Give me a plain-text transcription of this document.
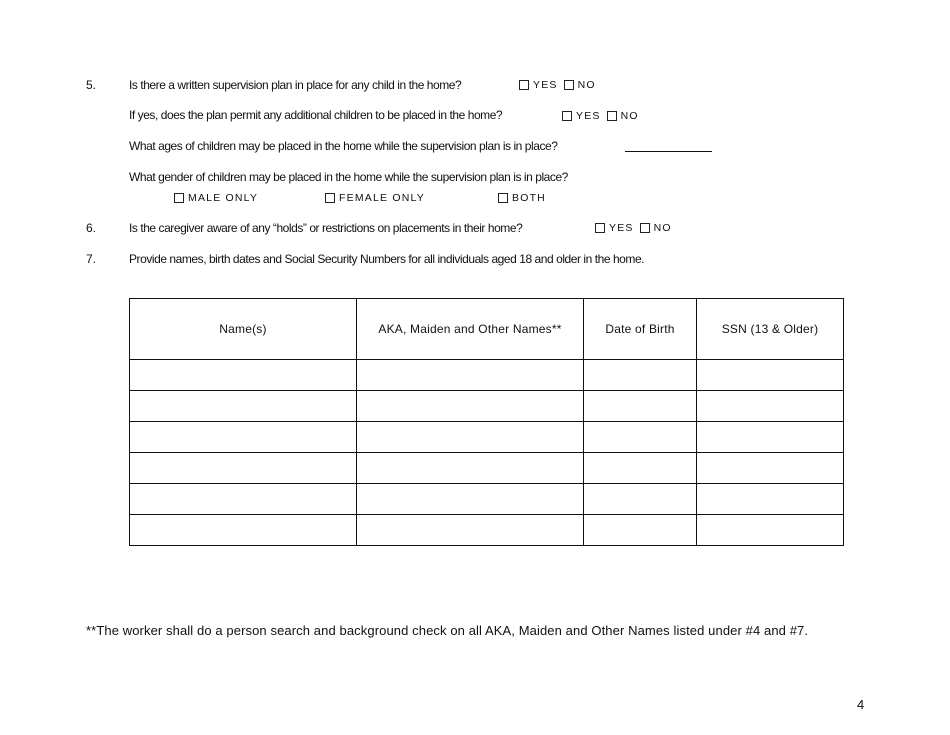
5.	Is there a written supervision plan in place for any child in the home?	YES NO
If yes, does the plan permit any additional children to be placed in the home?	YES NO
What ages of children may be placed in the home while the supervision plan is in place?
What gender of children may be placed in the home while the supervision plan is in place?
MALE ONLY	FEMALE ONLY	BOTH
6.	Is the caregiver aware of any “holds” or restrictions on placements in their home?	YES NO
7.	Provide names, birth dates and Social Security Numbers for all individuals aged 18 and older in the home.
Name(s)	AKA, Maiden and Other Names**	Date of Birth	SSN (13 & Older)

**The worker shall do a person search and background check on all AKA, Maiden and Other Names listed under #4 and #7.
4
